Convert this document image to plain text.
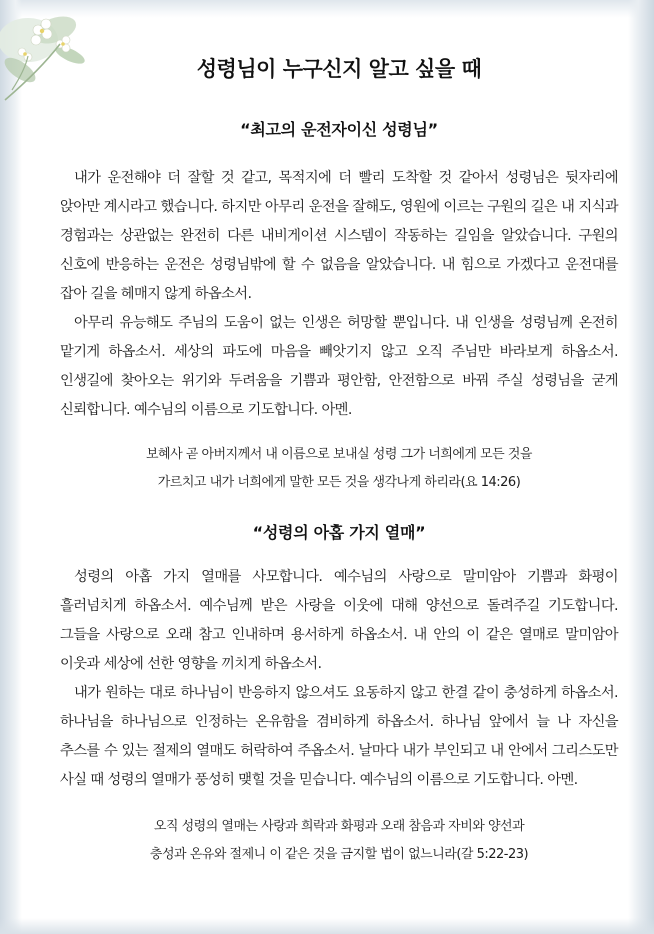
성령님이 누구신지 알고 싶을 때
“최고의 운전자이신 성령님”

내가 운전해야 더 잘할 것 같고, 목적지에 더 빨리 도착할 것 같아서 성령님은 뒷자리에 앉아만 계시라고 했습니다. 하지만 아무리 운전을 잘해도, 영원에 이르는 구원의 길은 내 지식과 경험과는 상관없는 완전히 다른 내비게이션 시스템이 작동하는 길임을 알았습니다. 구원의 신호에 반응하는 운전은 성령님밖에 할 수 없음을 알았습니다. 내 힘으로 가겠다고 운전대를 잡아 길을 헤매지 않게 하옵소서.

아무리 유능해도 주님의 도움이 없는 인생은 허망할 뿐입니다. 내 인생을 성령님께 온전히 맡기게 하옵소서. 세상의 파도에 마음을 빼앗기지 않고 오직 주님만 바라보게 하옵소서. 인생길에 찾아오는 위기와 두려움을 기쁨과 평안함, 안전함으로 바꿔 주실 성령님을 굳게 신뢰합니다. 예수님의 이름으로 기도합니다. 아멘.

보혜사 곧 아버지께서 내 이름으로 보내실 성령 그가 너희에게 모든 것을

가르치고 내가 너희에게 말한 모든 것을 생각나게 하리라(요 14:26)

“성령의 아홉 가지 열매”

성령의 아홉 가지 열매를 사모합니다. 예수님의 사랑으로 말미암아 기쁨과 화평이 흘러넘치게 하옵소서. 예수님께 받은 사랑을 이웃에 대해 양선으로 돌려주길 기도합니다. 그들을 사랑으로 오래 참고 인내하며 용서하게 하옵소서. 내 안의 이 같은 열매로 말미암아 이웃과 세상에 선한 영향을 끼치게 하옵소서.

내가 원하는 대로 하나님이 반응하지 않으셔도 요동하지 않고 한결 같이 충성하게 하옵소서. 하나님을 하나님으로 인정하는 온유함을 겸비하게 하옵소서. 하나님 앞에서 늘 나 자신을 추스를 수 있는 절제의 열매도 허락하여 주옵소서. 날마다 내가 부인되고 내 안에서 그리스도만 사실 때 성령의 열매가 풍성히 맺힐 것을 믿습니다. 예수님의 이름으로 기도합니다. 아멘.

오직 성령의 열매는 사랑과 희락과 화평과 오래 참음과 자비와 양선과

충성과 온유와 절제니 이 같은 것을 금지할 법이 없느니라(갈 5:22-23)
